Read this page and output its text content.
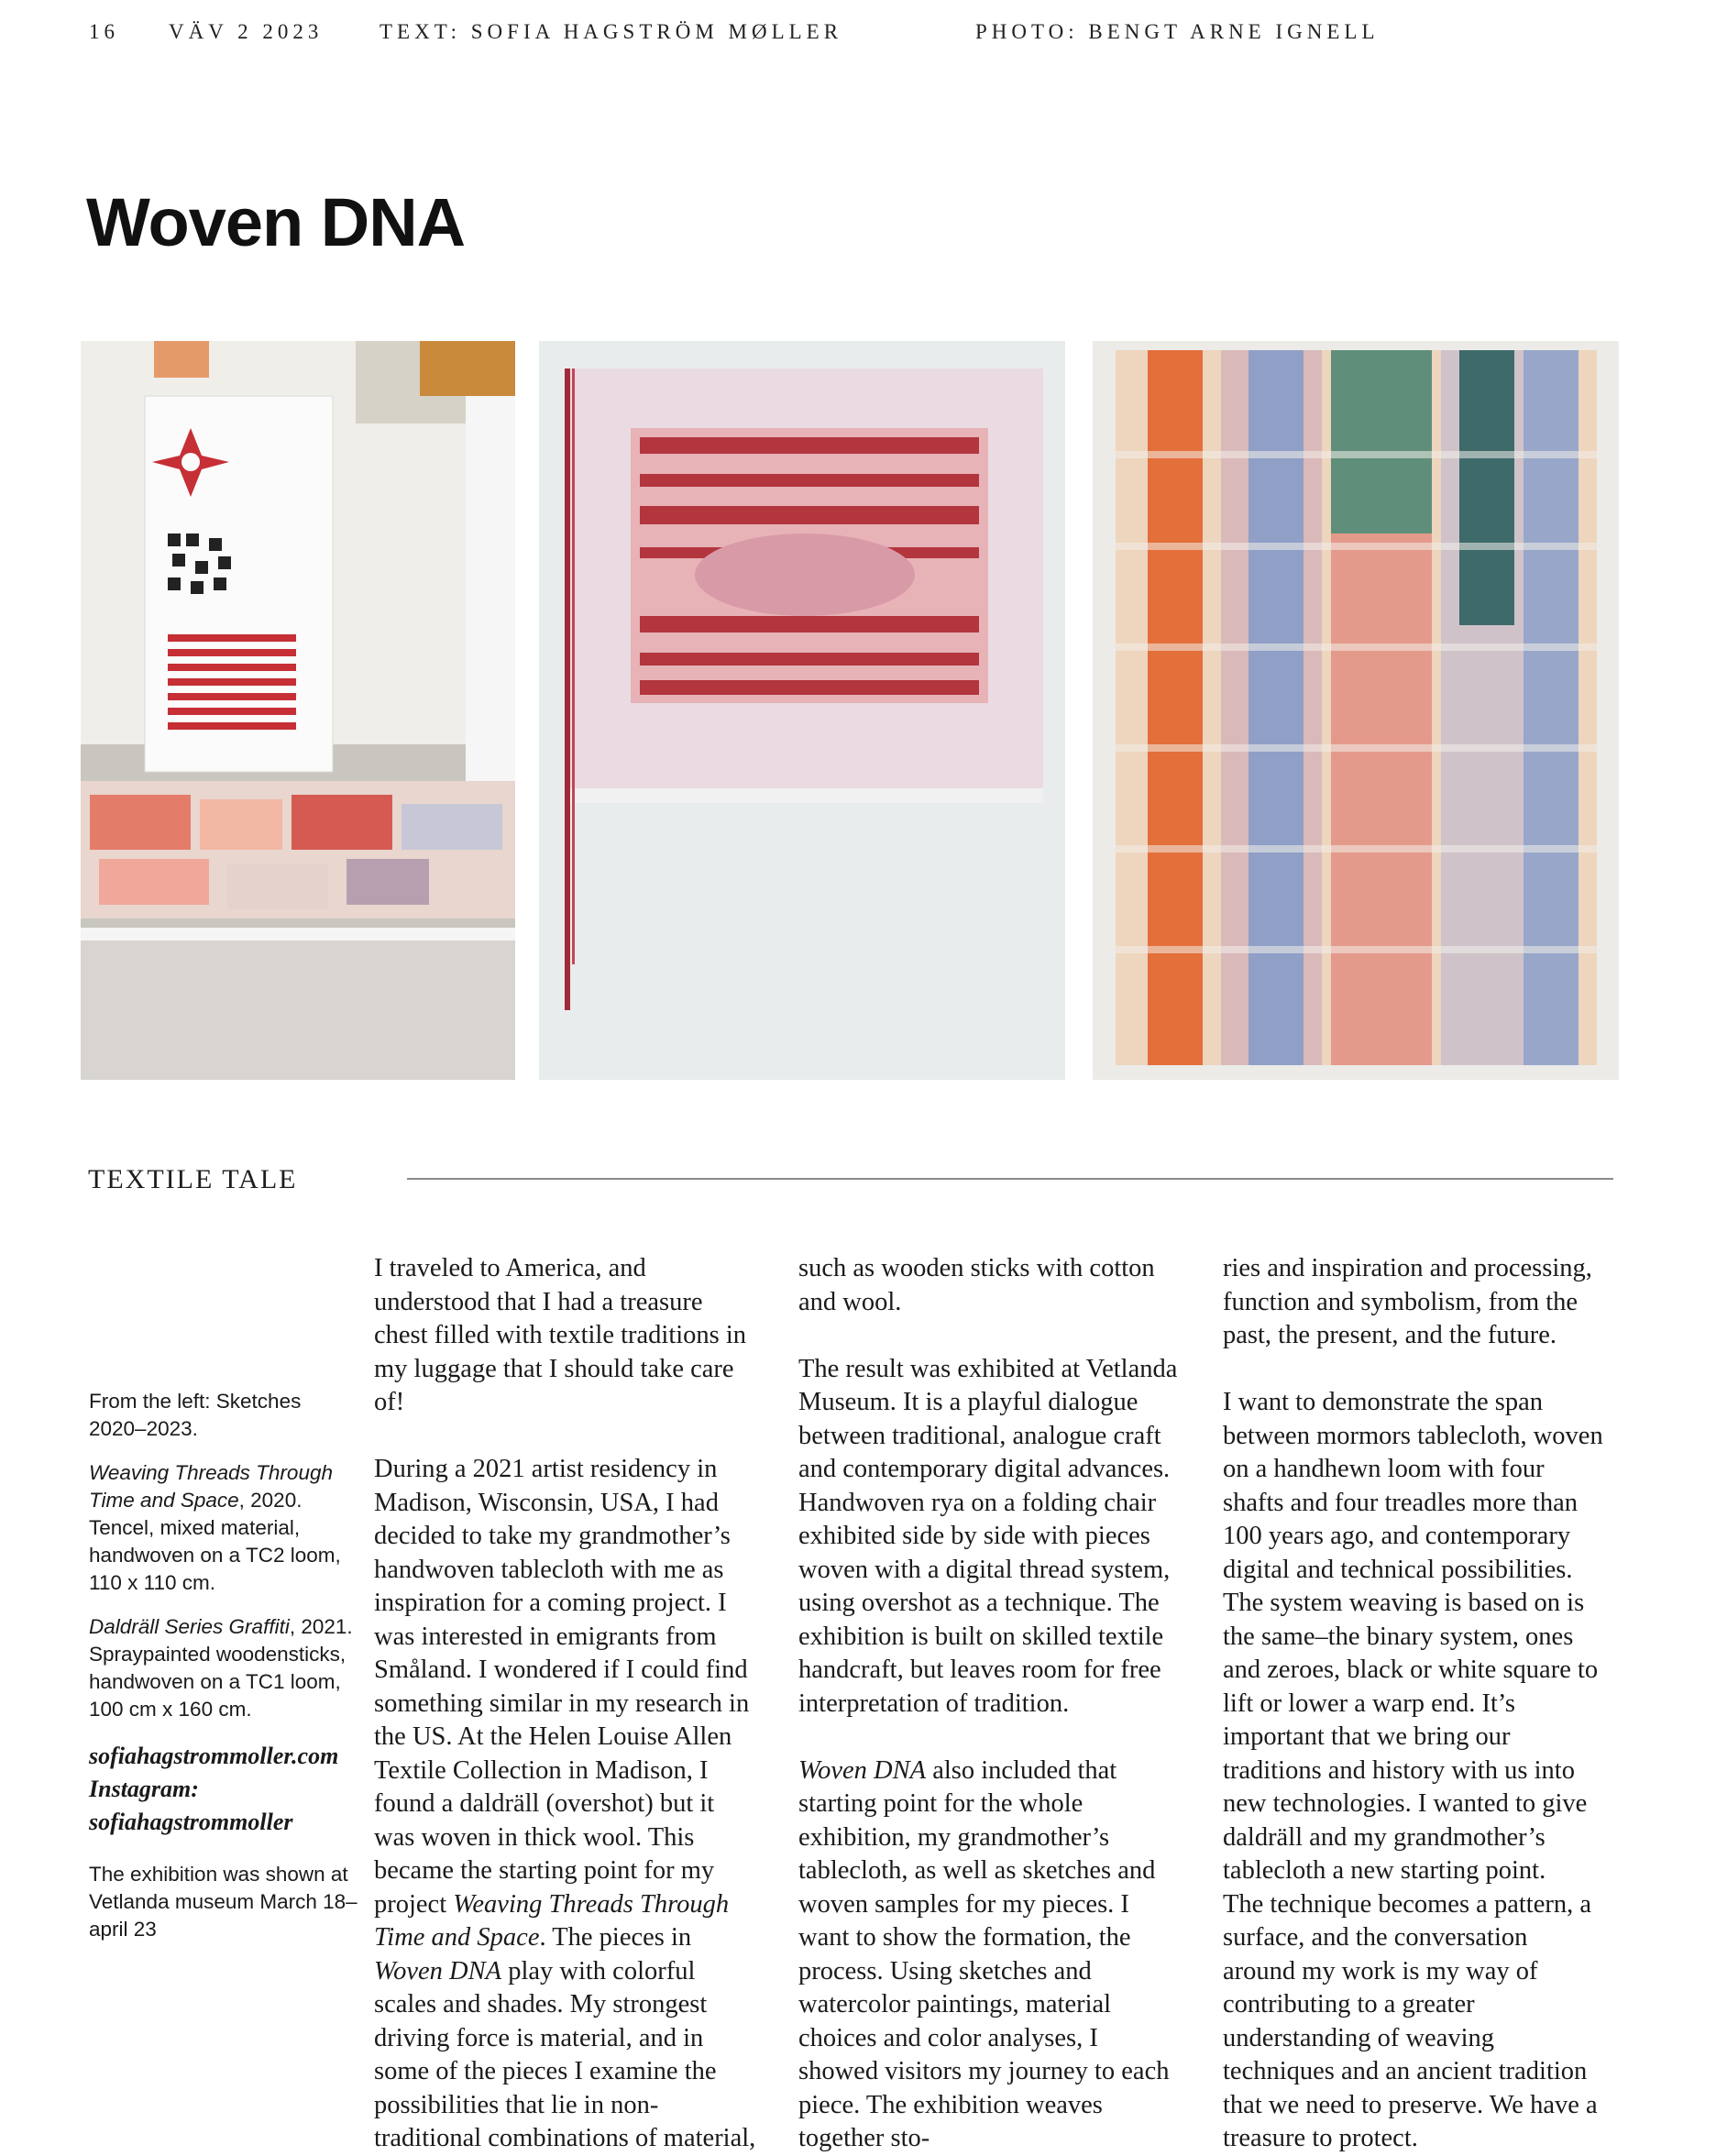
16 VÄV 2 2023	TEXT: SOFIA HAGSTRÖM MØLLER	PHOTO: BENGT ARNE IGNELL
Woven DNA
TEXTILE TALE

From the left: Sketches 2020–2023.

Weaving Threads Through Time and Space, 2020. Tencel, mixed material, handwoven on a TC2 loom, 110 x 110 cm.

Daldräll Series Graffiti, 2021. Spraypainted woodensticks, handwoven on a TC1 loom, 100 cm x 160 cm.

sofiahagstrommoller.com
Instagram:
sofiahagstrommoller

The exhibition was shown at Vetlanda museum March 18– april 23

I traveled to America, and understood that I had a treasure chest filled with textile traditions in my luggage that I should take care of!

During a 2021 artist residency in Madison, Wisconsin, USA, I had decided to take my grandmother’s handwoven tablecloth with me as inspiration for a coming project. I was interested in emigrants from Småland. I wondered if I could find something similar in my research in the US. At the Helen Louise Allen Textile Collection in Madison, I found a daldräll (overshot) but it was woven in thick wool. This became the starting point for my project Weaving Threads Through Time and Space. The pieces in Woven DNA play with colorful scales and shades. My strongest driving force is material, and in some of the pieces I examine the possibilities that lie in non-traditional combinations of material,

such as wooden sticks with cotton and wool.

The result was exhibited at Vetlanda Museum. It is a playful dialogue between traditional, analogue craft and contemporary digital advances. Handwoven rya on a folding chair exhibited side by side with pieces woven with a digital thread system, using overshot as a technique. The exhibition is built on skilled textile handcraft, but leaves room for free interpretation of tradition.

Woven DNA also included that starting point for the whole exhibition, my grandmother’s tablecloth, as well as sketches and woven samples for my pieces. I want to show the formation, the process. Using sketches and watercolor paintings, material choices and color analyses, I showed visitors my journey to each piece. The exhibition weaves together sto-

ries and inspiration and processing, function and symbolism, from the past, the present, and the future.

I want to demonstrate the span between mormors tablecloth, woven on a handhewn loom with four shafts and four treadles more than 100 years ago, and contemporary digital and technical possibilities. The system weaving is based on is the same–the binary system, ones and zeroes, black or white square to lift or lower a warp end. It’s important that we bring our traditions and history with us into new technologies. I wanted to give daldräll and my grandmother’s tablecloth a new starting point.

The technique becomes a pattern, a surface, and the conversation around my work is my way of contributing to a greater understanding of weaving techniques and an ancient tradition that we need to preserve. We have a treasure to protect.
